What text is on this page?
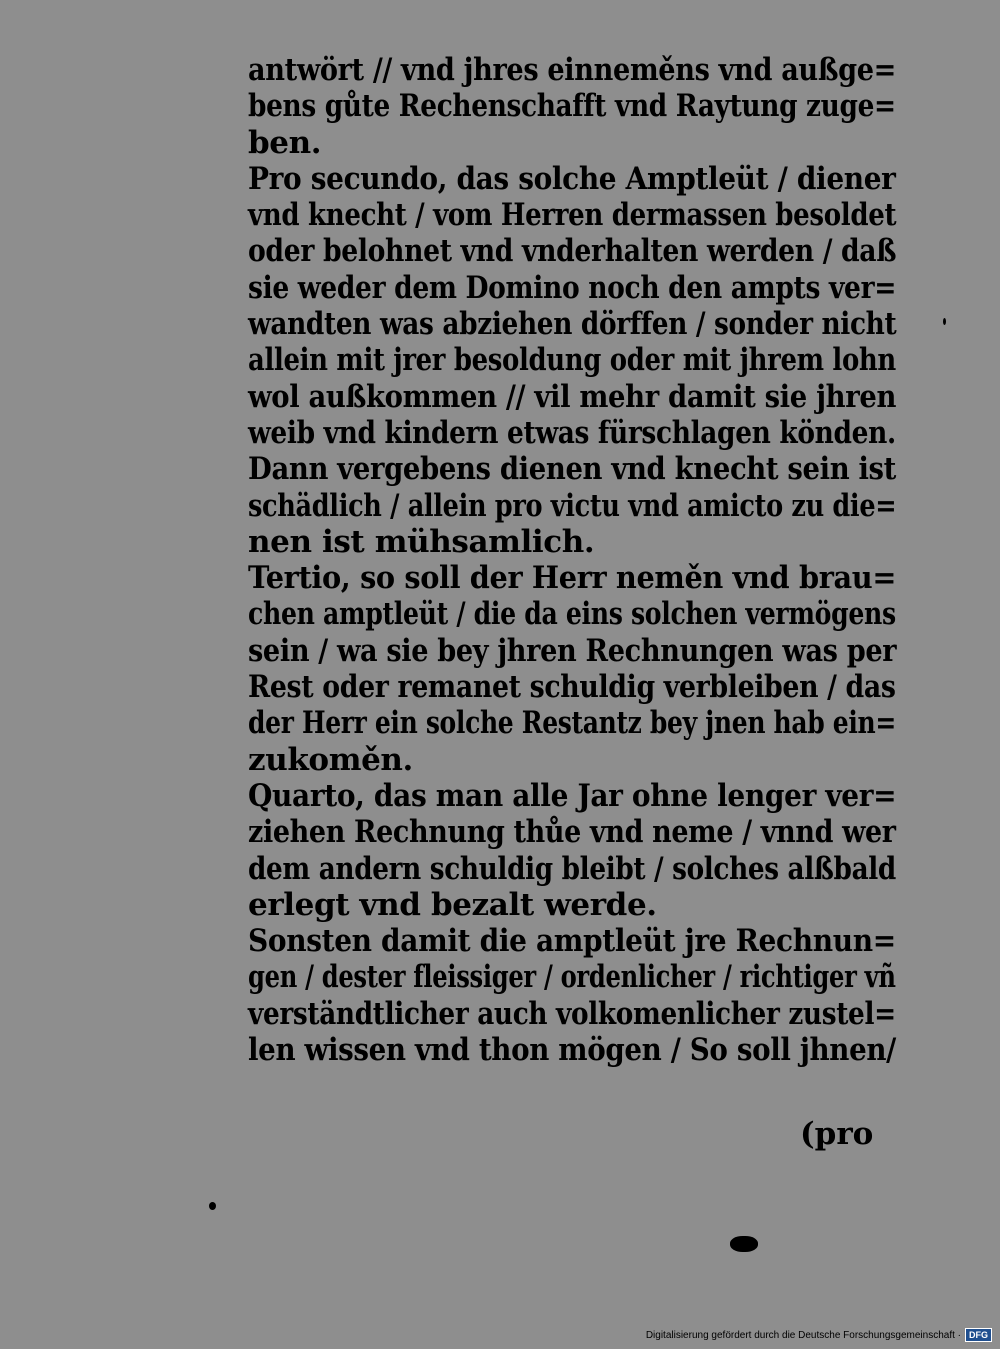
antwört // vnd jhres einneměns vnd außge=
bens gůte Rechenschafft vnd Raytung zuge=
ben.
Pro secundo, das solche Amptleüt / diener
vnd knecht / vom Herren dermassen besoldet
oder belohnet vnd vnderhalten werden / daß
sie weder dem Domino noch den ampts ver=
wandten was abziehen dörffen / sonder nicht
allein mit jrer besoldung oder mit jhrem lohn
wol außkommen // vil mehr damit sie jhren
weib vnd kindern etwas fürschlagen könden.
Dann vergebens dienen vnd knecht sein ist
schädlich / allein pro victu vnd amicto zu die=
nen ist mühsamlich.
Tertio, so soll der Herr neměn vnd brau=
chen amptleüt / die da eins solchen vermögens
sein / wa sie bey jhren Rechnungen was per
Rest oder remanet schuldig verbleiben / das
der Herr ein solche Restantz bey jnen hab ein=
zukoměn.
Quarto, das man alle Jar ohne lenger ver=
ziehen Rechnung thůe vnd neme / vnnd wer
dem andern schuldig bleibt / solches alßbald
erlegt vnd bezalt werde.
Sonsten damit die amptleüt jre Rechnun=
gen / dester fleissiger / ordenlicher / richtiger vñ
verständtlicher auch volkomenlicher zustel=
len wissen vnd thon mögen / So soll jhnen/
(pro
Digitalisierung gefördert durch die Deutsche Forschungsgemeinschaft · DFG
